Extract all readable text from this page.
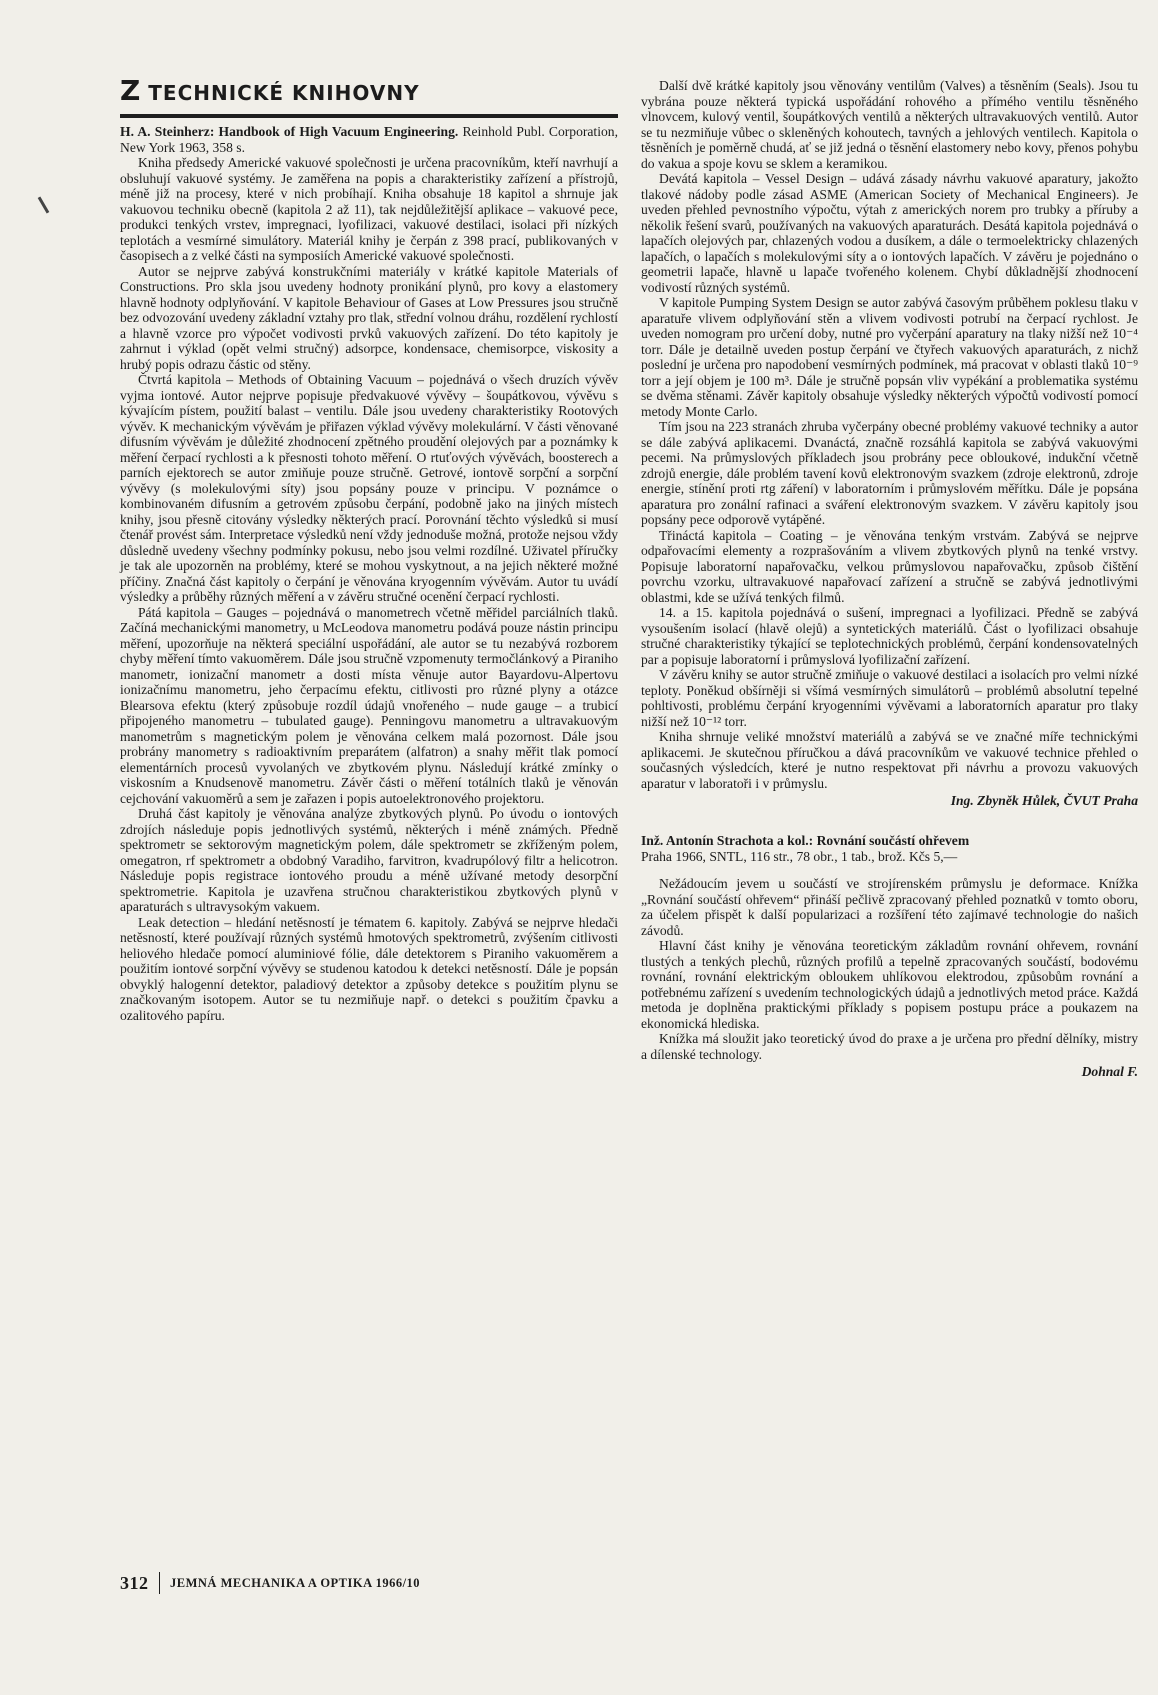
Z TECHNICKÉ KNIHOVNY

H. A. Steinherz: Handbook of High Vacuum Engineering. Reinhold Publ. Corporation, New York 1963, 358 s.

Kniha předsedy Americké vakuové společnosti je určena pracovníkům, kteří navrhují a obsluhují vakuové systémy. Je zaměřena na popis a charakteristiky zařízení a přístrojů, méně již na procesy, které v nich probíhají. Kniha obsahuje 18 kapitol a shrnuje jak vakuovou techniku obecně (kapitola 2 až 11), tak nejdůležitější aplikace – vakuové pece, produkci tenkých vrstev, impregnaci, lyofilizaci, vakuové destilaci, isolaci při nízkých teplotách a vesmírné simulátory. Materiál knihy je čerpán z 398 prací, publikovaných v časopisech a z velké části na symposiích Americké vakuové společnosti.

Autor se nejprve zabývá konstrukčními materiály v krátké kapitole Materials of Constructions. Pro skla jsou uvedeny hodnoty pronikání plynů, pro kovy a elastomery hlavně hodnoty odplyňování. V kapitole Behaviour of Gases at Low Pressures jsou stručně bez odvozování uvedeny základní vztahy pro tlak, střední volnou dráhu, rozdělení rychlostí a hlavně vzorce pro výpočet vodivosti prvků vakuových zařízení. Do této kapitoly je zahrnut i výklad (opět velmi stručný) adsorpce, kondensace, chemisorpce, viskosity a hrubý popis odrazu částic od stěny.

Čtvrtá kapitola – Methods of Obtaining Vacuum – pojednává o všech druzích vývěv vyjma iontové. Autor nejprve popisuje předvakuové vývěvy – šoupátkovou, vývěvu s kývajícím pístem, použití balast – ventilu. Dále jsou uvedeny charakteristiky Rootových vývěv. K mechanickým vývěvám je přiřazen výklad vývěvy molekulární. V části věnované difusním vývěvám je důležité zhodnocení zpětného proudění olejových par a poznámky k měření čerpací rychlosti a k přesnosti tohoto měření. O rtuťových vývěvách, boosterech a parních ejektorech se autor zmiňuje pouze stručně. Getrové, iontově sorpční a sorpční vývěvy (s molekulovými síty) jsou popsány pouze v principu. V poznámce o kombinovaném difusním a getrovém způsobu čerpání, podobně jako na jiných místech knihy, jsou přesně citovány výsledky některých prací. Porovnání těchto výsledků si musí čtenář provést sám. Interpretace výsledků není vždy jednoduše možná, protože nejsou vždy důsledně uvedeny všechny podmínky pokusu, nebo jsou velmi rozdílné. Uživatel příručky je tak ale upozorněn na problémy, které se mohou vyskytnout, a na jejich některé možné příčiny. Značná část kapitoly o čerpání je věnována kryogenním vývěvám. Autor tu uvádí výsledky a průběhy různých měření a v závěru stručné ocenění čerpací rychlosti.

Pátá kapitola – Gauges – pojednává o manometrech včetně měřidel parciálních tlaků. Začíná mechanickými manometry, u McLeodova manometru podává pouze nástin principu měření, upozorňuje na některá speciální uspořádání, ale autor se tu nezabývá rozborem chyby měření tímto vakuoměrem. Dále jsou stručně vzpomenuty termočlánkový a Piraniho manometr, ionizační manometr a dosti místa věnuje autor Bayardovu-Alpertovu ionizačnímu manometru, jeho čerpacímu efektu, citlivosti pro různé plyny a otázce Blearsova efektu (který způsobuje rozdíl údajů vnořeného – nude gauge – a trubicí připojeného manometru – tubulated gauge). Penningovu manometru a ultravakuovým manometrům s magnetickým polem je věnována celkem malá pozornost. Dále jsou probrány manometry s radioaktivním preparátem (alfatron) a snahy měřit tlak pomocí elementárních procesů vyvolaných ve zbytkovém plynu. Následují krátké zmínky o viskosním a Knudsenově manometru. Závěr části o měření totálních tlaků je věnován cejchování vakuoměrů a sem je zařazen i popis autoelektronového projektoru.

Druhá část kapitoly je věnována analýze zbytkových plynů. Po úvodu o iontových zdrojích následuje popis jednotlivých systémů, některých i méně známých. Předně spektrometr se sektorovým magnetickým polem, dále spektrometr se zkříženým polem, omegatron, rf spektrometr a obdobný Varadiho, farvitron, kvadrupólový filtr a helicotron. Následuje popis registrace iontového proudu a méně užívané metody desorpční spektrometrie. Kapitola je uzavřena stručnou charakteristikou zbytkových plynů v aparaturách s ultravysokým vakuem.

Leak detection – hledání netěsností je tématem 6. kapitoly. Zabývá se nejprve hledači netěsností, které používají různých systémů hmotových spektrometrů, zvýšením citlivosti heliového hledače pomocí aluminiové fólie, dále detektorem s Piraniho vakuoměrem a použitím iontové sorpční vývěvy se studenou katodou k detekci netěsností. Dále je popsán obvyklý halogenní detektor, paladiový detektor a způsoby detekce s použitím plynu se značkovaným isotopem. Autor se tu nezmiňuje např. o detekci s použitím čpavku a ozalitového papíru.

Další dvě krátké kapitoly jsou věnovány ventilům (Valves) a těsněním (Seals). Jsou tu vybrána pouze některá typická uspořádání rohového a přímého ventilu těsněného vlnovcem, kulový ventil, šoupátkových ventilů a některých ultravakuových ventilů. Autor se tu nezmiňuje vůbec o skleněných kohoutech, tavných a jehlových ventilech. Kapitola o těsněních je poměrně chudá, ať se již jedná o těsnění elastomery nebo kovy, přenos pohybu do vakua a spoje kovu se sklem a keramikou.

Devátá kapitola – Vessel Design – udává zásady návrhu vakuové aparatury, jakožto tlakové nádoby podle zásad ASME (American Society of Mechanical Engineers). Je uveden přehled pevnostního výpočtu, výtah z amerických norem pro trubky a příruby a několik řešení svarů, používaných na vakuových aparaturách. Desátá kapitola pojednává o lapačích olejových par, chlazených vodou a dusíkem, a dále o termoelektricky chlazených lapačích, o lapačích s molekulovými síty a o iontových lapačích. V závěru je pojednáno o geometrii lapače, hlavně u lapače tvořeného kolenem. Chybí důkladnější zhodnocení vodivostí různých systémů.

V kapitole Pumping System Design se autor zabývá časovým průběhem poklesu tlaku v aparatuře vlivem odplyňování stěn a vlivem vodivosti potrubí na čerpací rychlost. Je uveden nomogram pro určení doby, nutné pro vyčerpání aparatury na tlaky nižší než 10⁻⁴ torr. Dále je detailně uveden postup čerpání ve čtyřech vakuových aparaturách, z nichž poslední je určena pro napodobení vesmírných podmínek, má pracovat v oblasti tlaků 10⁻⁹ torr a její objem je 100 m³. Dále je stručně popsán vliv vypékání a problematika systému se dvěma stěnami. Závěr kapitoly obsahuje výsledky některých výpočtů vodivostí pomocí metody Monte Carlo.

Tím jsou na 223 stranách zhruba vyčerpány obecné problémy vakuové techniky a autor se dále zabývá aplikacemi. Dvanáctá, značně rozsáhlá kapitola se zabývá vakuovými pecemi. Na průmyslových příkladech jsou probrány pece obloukové, indukční včetně zdrojů energie, dále problém tavení kovů elektronovým svazkem (zdroje elektronů, zdroje energie, stínění proti rtg záření) v laboratorním i průmyslovém měřítku. Dále je popsána aparatura pro zonální rafinaci a sváření elektronovým svazkem. V závěru kapitoly jsou popsány pece odporově vytápěné.

Třináctá kapitola – Coating – je věnována tenkým vrstvám. Zabývá se nejprve odpařovacími elementy a rozprašováním a vlivem zbytkových plynů na tenké vrstvy. Popisuje laboratorní napařovačku, velkou průmyslovou napařovačku, způsob čištění povrchu vzorku, ultravakuové napařovací zařízení a stručně se zabývá jednotlivými oblastmi, kde se užívá tenkých filmů.

14. a 15. kapitola pojednává o sušení, impregnaci a lyofilizaci. Předně se zabývá vysoušením isolací (hlavě olejů) a syntetických materiálů. Část o lyofilizaci obsahuje stručné charakteristiky týkající se teplotechnických problémů, čerpání kondensovatelných par a popisuje laboratorní i průmyslová lyofilizační zařízení.

V závěru knihy se autor stručně zmiňuje o vakuové destilaci a isolacích pro velmi nízké teploty. Poněkud obšírněji si všímá vesmírných simulátorů – problémů absolutní tepelné pohltivosti, problému čerpání kryogenními vývěvami a laboratorních aparatur pro tlaky nižší než 10⁻¹² torr.

Kniha shrnuje veliké množství materiálů a zabývá se ve značné míře technickými aplikacemi. Je skutečnou příručkou a dává pracovníkům ve vakuové technice přehled o současných výsledcích, které je nutno respektovat při návrhu a provozu vakuových aparatur v laboratoři i v průmyslu.

Ing. Zbyněk Hůlek, ČVUT Praha

Inž. Antonín Strachota a kol.: Rovnání součástí ohřevem
Praha 1966, SNTL, 116 str., 78 obr., 1 tab., brož. Kčs 5,—

Nežádoucím jevem u součástí ve strojírenském průmyslu je deformace. Knížka „Rovnání součástí ohřevem“ přináší pečlivě zpracovaný přehled poznatků v tomto oboru, za účelem přispět k další popularizaci a rozšíření této zajímavé technologie do našich závodů.

Hlavní část knihy je věnována teoretickým základům rovnání ohřevem, rovnání tlustých a tenkých plechů, různých profilů a tepelně zpracovaných součástí, bodovému rovnání, rovnání elektrickým obloukem uhlíkovou elektrodou, způsobům rovnání a potřebnému zařízení s uvedením technologických údajů a jednotlivých metod práce. Každá metoda je doplněna praktickými příklady s popisem postupu práce a poukazem na ekonomická hlediska.

Knížka má sloužit jako teoretický úvod do praxe a je určena pro přední dělníky, mistry a dílenské technology.

Dohnal F.
312 JEMNÁ MECHANIKA A OPTIKA 1966/10
